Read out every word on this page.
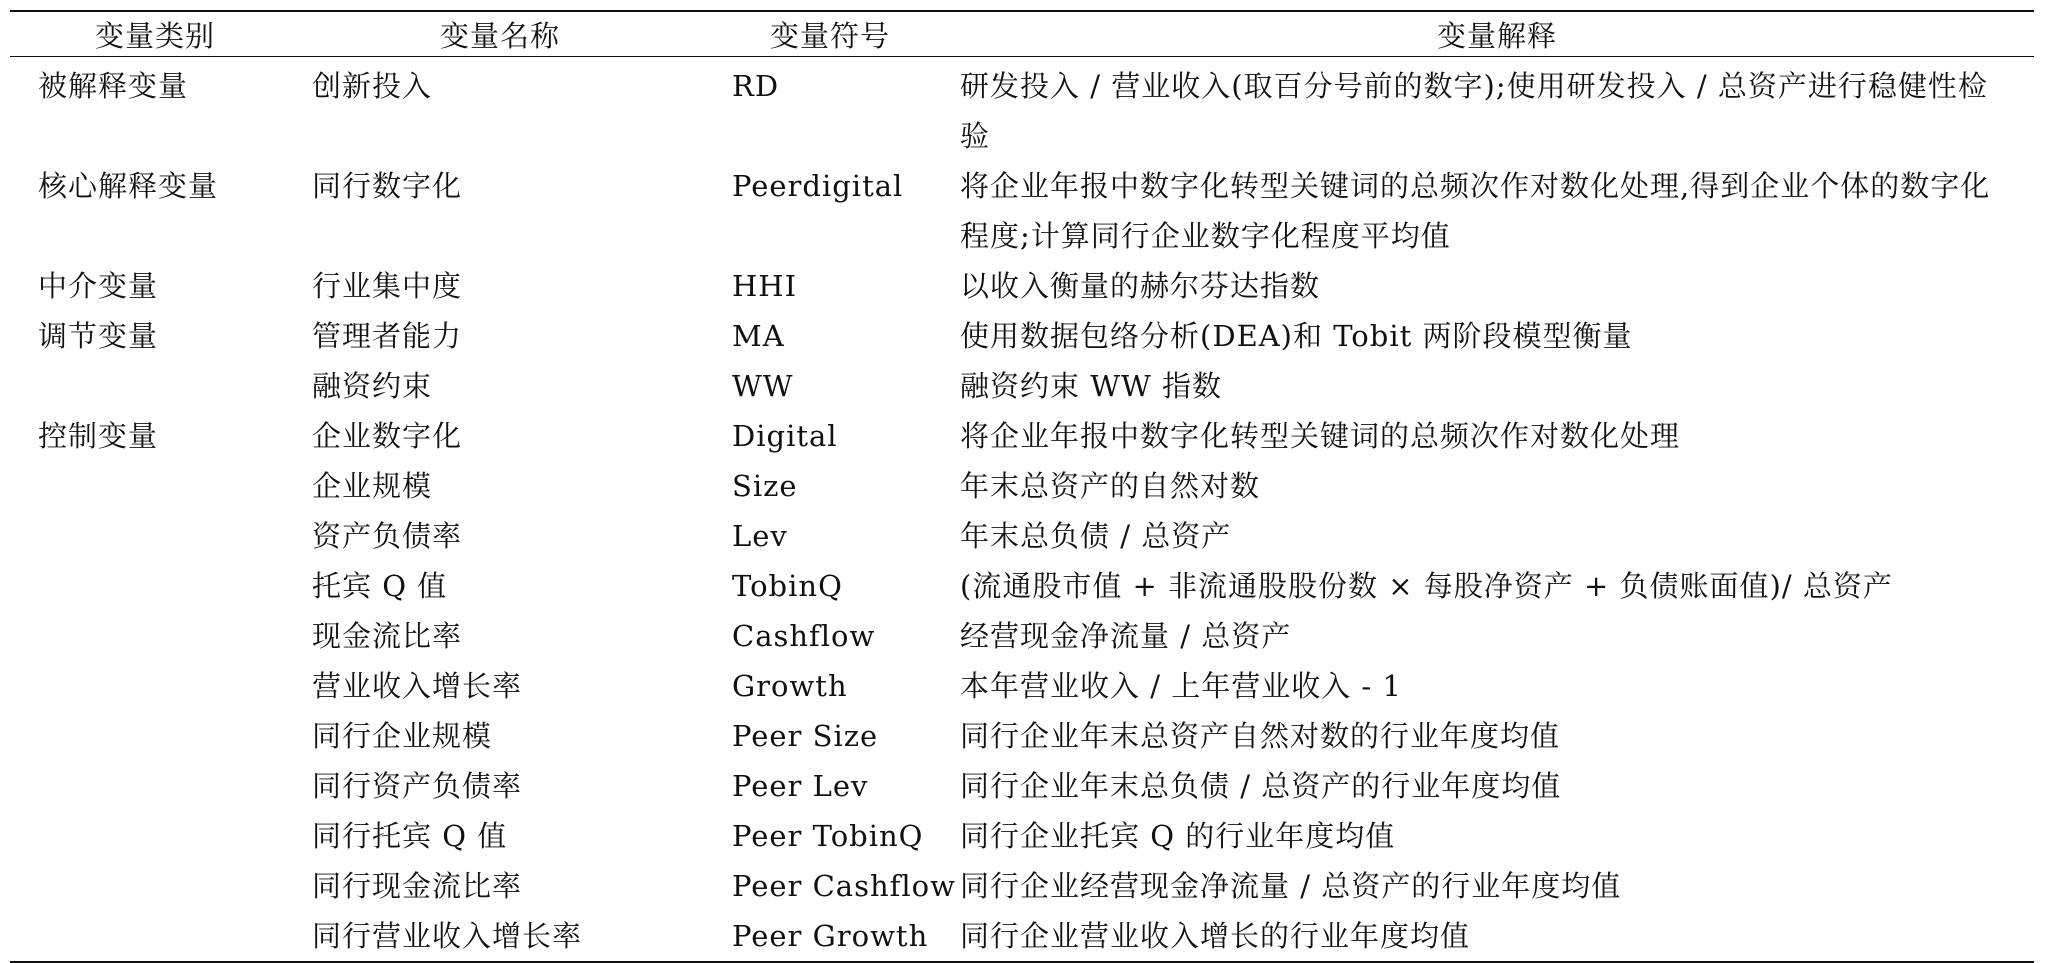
变量类别	变量名称	变量符号	变量解释
被解释变量	创新投入	RD	研发投入 / 营业收入(取百分号前的数字);使用研发投入 / 总资产进行稳健性检验
核心解释变量	同行数字化	Peerdigital	将企业年报中数字化转型关键词的总频次作对数化处理,得到企业个体的数字化程度;计算同行企业数字化程度平均值
中介变量	行业集中度	HHI	以收入衡量的赫尔芬达指数
调节变量	管理者能力	MA	使用数据包络分析(DEA)和 Tobit 两阶段模型衡量
	融资约束	WW	融资约束 WW 指数
控制变量	企业数字化	Digital	将企业年报中数字化转型关键词的总频次作对数化处理
	企业规模	Size	年末总资产的自然对数
	资产负债率	Lev	年末总负债 / 总资产
	托宾 Q 值	TobinQ	(流通股市值 + 非流通股股份数 × 每股净资产 + 负债账面值)/ 总资产
	现金流比率	Cashflow	经营现金净流量 / 总资产
	营业收入增长率	Growth	本年营业收入 / 上年营业收入 - 1
	同行企业规模	Peer Size	同行企业年末总资产自然对数的行业年度均值
	同行资产负债率	Peer Lev	同行企业年末总负债 / 总资产的行业年度均值
	同行托宾 Q 值	Peer TobinQ	同行企业托宾 Q 的行业年度均值
	同行现金流比率	Peer Cashflow	同行企业经营现金净流量 / 总资产的行业年度均值
	同行营业收入增长率	Peer Growth	同行企业营业收入增长的行业年度均值
